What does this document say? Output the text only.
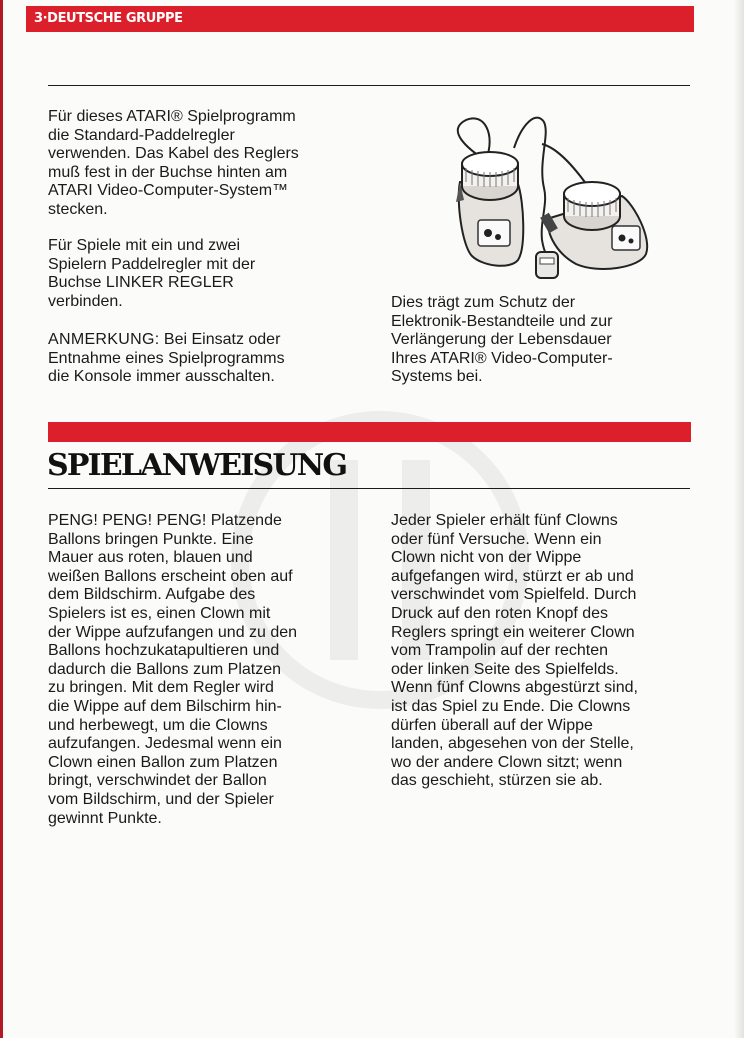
3·DEUTSCHE GRUPPE

Für dieses ATARI® Spielprogramm
die Standard-Paddelregler
verwenden. Das Kabel des Reglers
muß fest in der Buchse hinten am
ATARI Video-Computer-System™
stecken.

Für Spiele mit ein und zwei
Spielern Paddelregler mit der
Buchse LINKER REGLER
verbinden.

ANMERKUNG: Bei Einsatz oder
Entnahme eines Spielprogramms
die Konsole immer ausschalten.

Dies trägt zum Schutz der
Elektronik-Bestandteile und zur
Verlängerung der Lebensdauer
Ihres ATARI® Video-Computer-
Systems bei.

SPIELANWEISUNG

PENG! PENG! PENG! Platzende
Ballons bringen Punkte. Eine
Mauer aus roten, blauen und
weißen Ballons erscheint oben auf
dem Bildschirm. Aufgabe des
Spielers ist es, einen Clown mit
der Wippe aufzufangen und zu den
Ballons hochzukatapultieren und
dadurch die Ballons zum Platzen
zu bringen. Mit dem Regler wird
die Wippe auf dem Bilschirm hin-
und herbewegt, um die Clowns
aufzufangen. Jedesmal wenn ein
Clown einen Ballon zum Platzen
bringt, verschwindet der Ballon
vom Bildschirm, und der Spieler
gewinnt Punkte.

Jeder Spieler erhält fünf Clowns
oder fünf Versuche. Wenn ein
Clown nicht von der Wippe
aufgefangen wird, stürzt er ab und
verschwindet vom Spielfeld. Durch
Druck auf den roten Knopf des
Reglers springt ein weiterer Clown
vom Trampolin auf der rechten
oder linken Seite des Spielfelds.
Wenn fünf Clowns abgestürzt sind,
ist das Spiel zu Ende. Die Clowns
dürfen überall auf der Wippe
landen, abgesehen von der Stelle,
wo der andere Clown sitzt; wenn
das geschieht, stürzen sie ab.
